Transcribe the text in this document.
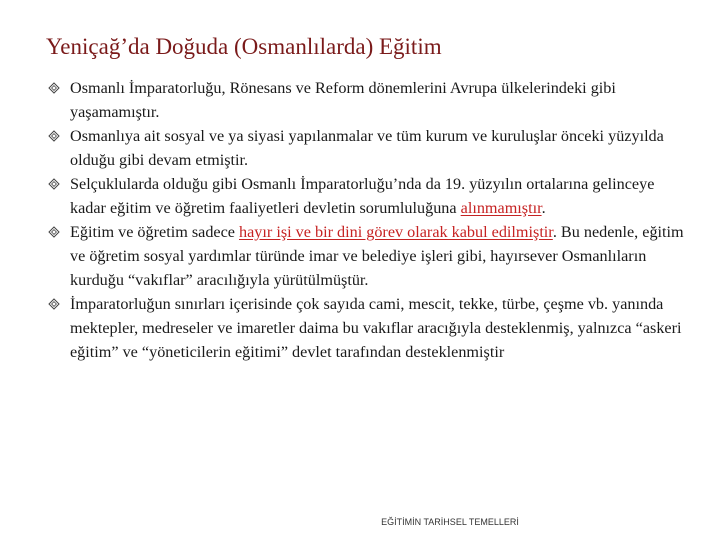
Yeniçağ’da Doğuda (Osmanlılarda) Eğitim
Osmanlı İmparatorluğu, Rönesans ve Reform dönemlerini Avrupa ülkelerindeki gibi yaşamamıştır.
Osmanlıya ait sosyal ve ya siyasi yapılanmalar ve tüm kurum ve kuruluşlar önceki yüzyılda olduğu gibi devam etmiştir.
Selçuklularda olduğu gibi Osmanlı İmparatorluğu’nda da 19. yüzyılın ortalarına gelinceye kadar eğitim ve öğretim faaliyetleri devletin sorumluluğuna alınmamıştır.
Eğitim ve öğretim sadece hayır işi ve bir dini görev olarak kabul edilmiştir. Bu nedenle, eğitim ve öğretim sosyal yardımlar türünde imar ve belediye işleri gibi, hayırsever Osmanlıların kurduğu “vakıflar” aracılığıyla yürütülmüştür.
İmparatorluğun sınırları içerisinde çok sayıda cami, mescit, tekke, türbe, çeşme vb. yanında mektepler, medreseler ve imaretler daima bu vakıflar aracığıyla desteklenmiş, yalnızca “askeri eğitim” ve “yöneticilerin eğitimi” devlet tarafından desteklenmiştir
EĞİTİMİN TARİHSEL TEMELLERİ
